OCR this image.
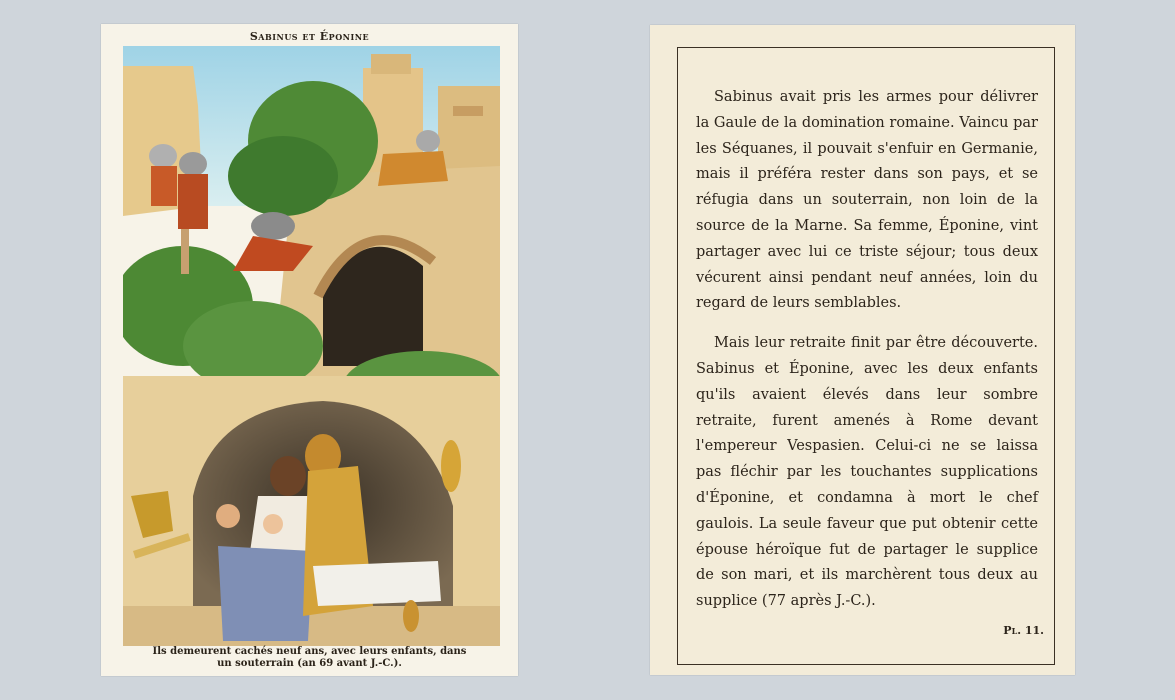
Sabinus et Éponine
Ils demeurent cachés neuf ans, avec leurs enfants, dans
un souterrain (an 69 avant J.-C.).

Sabinus avait pris les armes pour délivrer la Gaule de la domination romaine. Vaincu par les Séquanes, il pouvait s'enfuir en Germanie, mais il préféra rester dans son pays, et se réfugia dans un souterrain, non loin de la source de la Marne. Sa femme, Éponine, vint partager avec lui ce triste séjour; tous deux vécurent ainsi pendant neuf années, loin du regard de leurs semblables.

Mais leur retraite finit par être découverte. Sabinus et Éponine, avec les deux enfants qu'ils avaient élevés dans leur sombre retraite, furent amenés à Rome devant l'empereur Vespasien. Celui-ci ne se laissa pas fléchir par les touchantes supplications d'Éponine, et condamna à mort le chef gaulois. La seule faveur que put obtenir cette épouse héroïque fut de partager le supplice de son mari, et ils marchèrent tous deux au supplice (77 après J.-C.).

Pl. 11.
